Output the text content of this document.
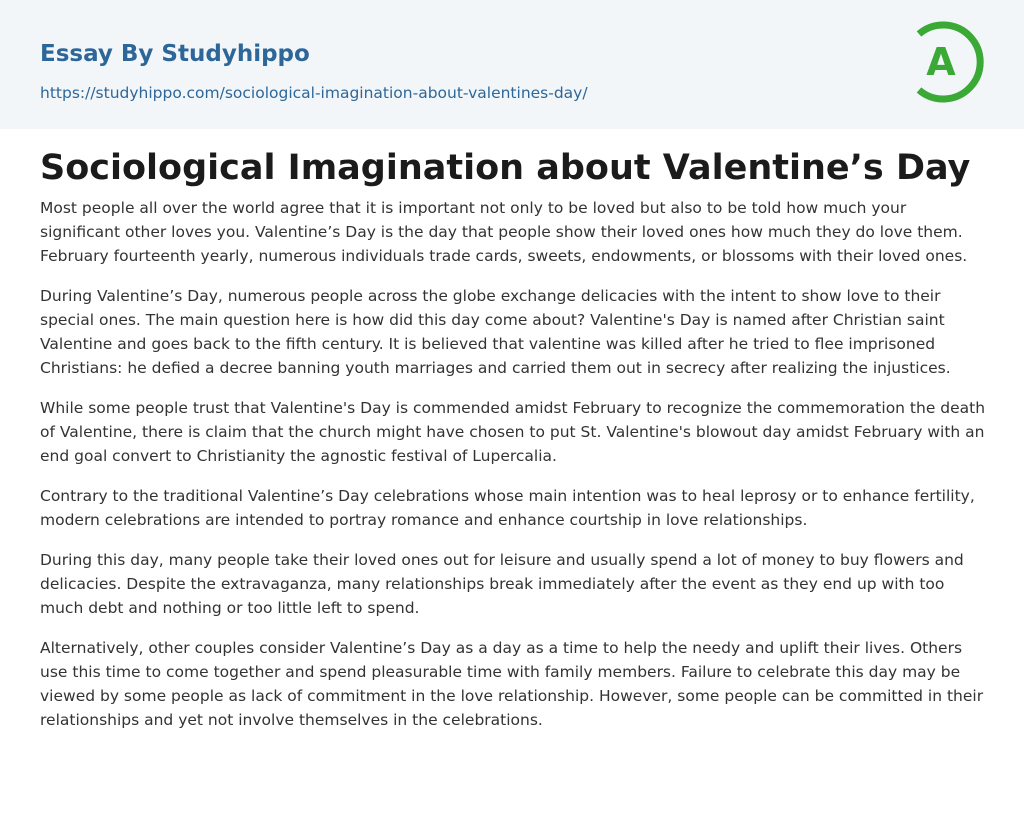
Essay By Studyhippo
https://studyhippo.com/sociological-imagination-about-valentines-day/
A
Sociological Imagination about Valentine’s Day

Most people all over the world agree that it is important not only to be loved but also to be told how much your significant other loves you. Valentine’s Day is the day that people show their loved ones how much they do love them. February fourteenth yearly, numerous individuals trade cards, sweets, endowments, or blossoms with their loved ones.

During Valentine’s Day, numerous people across the globe exchange delicacies with the intent to show love to their special ones. The main question here is how did this day come about? Valentine's Day is named after Christian saint Valentine and goes back to the fifth century. It is believed that valentine was killed after he tried to flee imprisoned Christians: he defied a decree banning youth marriages and carried them out in secrecy after realizing the injustices.

While some people trust that Valentine's Day is commended amidst February to recognize the commemoration the death of Valentine, there is claim that the church might have chosen to put St. Valentine's blowout day amidst February with an end goal convert to Christianity the agnostic festival of Lupercalia.

Contrary to the traditional Valentine’s Day celebrations whose main intention was to heal leprosy or to enhance fertility, modern celebrations are intended to portray romance and enhance courtship in love relationships.

During this day, many people take their loved ones out for leisure and usually spend a lot of money to buy flowers and delicacies. Despite the extravaganza, many relationships break immediately after the event as they end up with too much debt and nothing or too little left to spend.

Alternatively, other couples consider Valentine’s Day as a day as a time to help the needy and uplift their lives. Others use this time to come together and spend pleasurable time with family members. Failure to celebrate this day may be viewed by some people as lack of commitment in the love relationship. However, some people can be committed in their relationships and yet not involve themselves in the celebrations.
